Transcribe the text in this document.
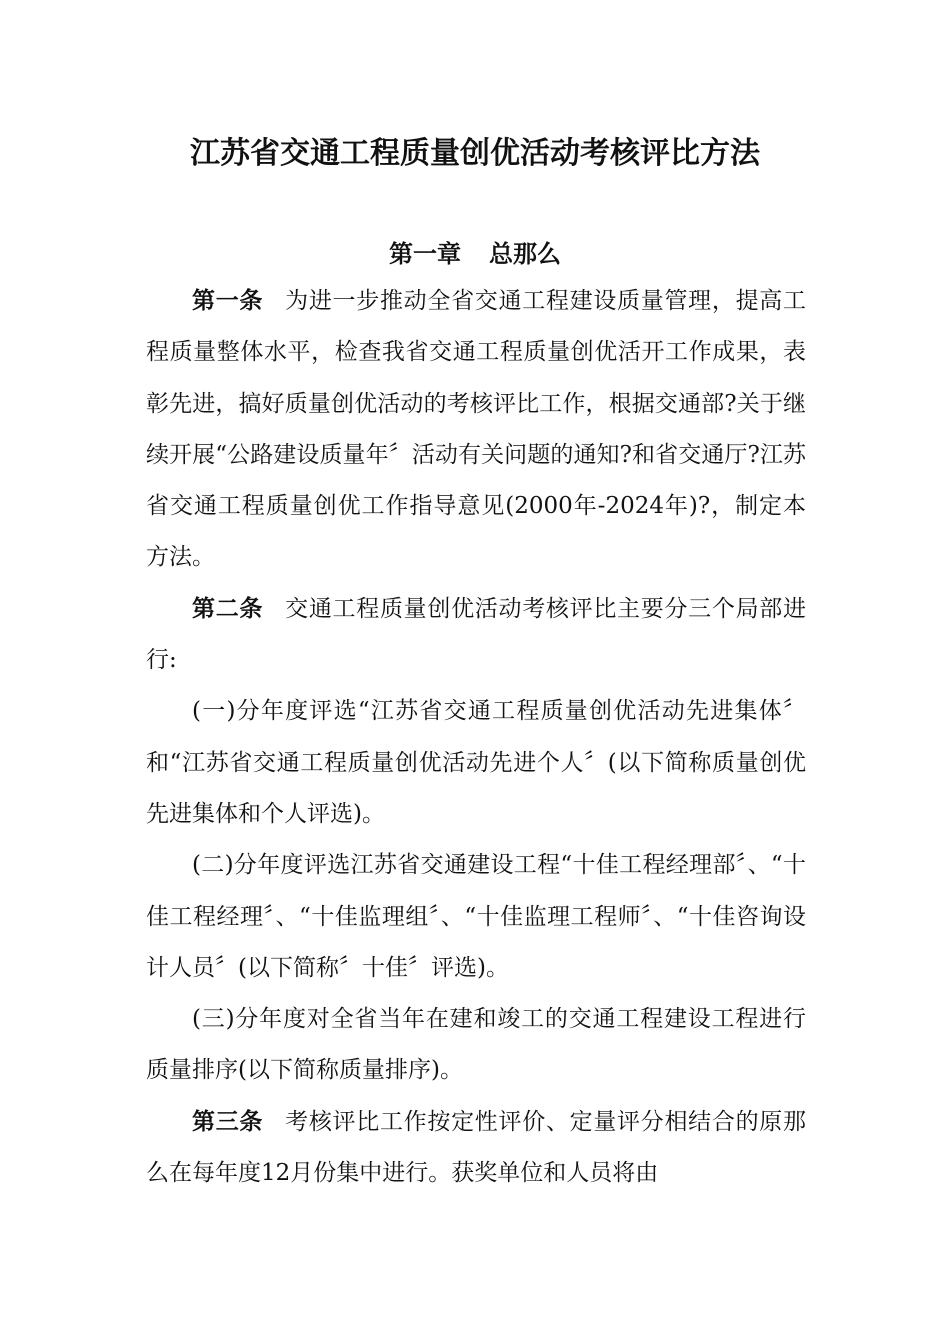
江苏省交通工程质量创优活动考核评比方法
第一章 总那么

第一条 为进一步推动全省交通工程建设质量管理，提高工程质量整体水平，检查我省交通工程质量创优活开工作成果，表彰先进，搞好质量创优活动的考核评比工作，根据交通部?关于继续开展“公路建设质量年〞活动有关问题的通知?和省交通厅?江苏省交通工程质量创优工作指导意见(2000年-2024年)?，制定本方法。

第二条 交通工程质量创优活动考核评比主要分三个局部进行:

(一)分年度评选“江苏省交通工程质量创优活动先进集体〞和“江苏省交通工程质量创优活动先进个人〞(以下简称质量创优先进集体和个人评选)。

(二)分年度评选江苏省交通建设工程“十佳工程经理部〞、“十佳工程经理〞、“十佳监理组〞、“十佳监理工程师〞、“十佳咨询设计人员〞(以下简称〞十佳〞评选)。

(三)分年度对全省当年在建和竣工的交通工程建设工程进行质量排序(以下简称质量排序)。

第三条 考核评比工作按定性评价、定量评分相结合的原那么在每年度12月份集中进行。获奖单位和人员将由
